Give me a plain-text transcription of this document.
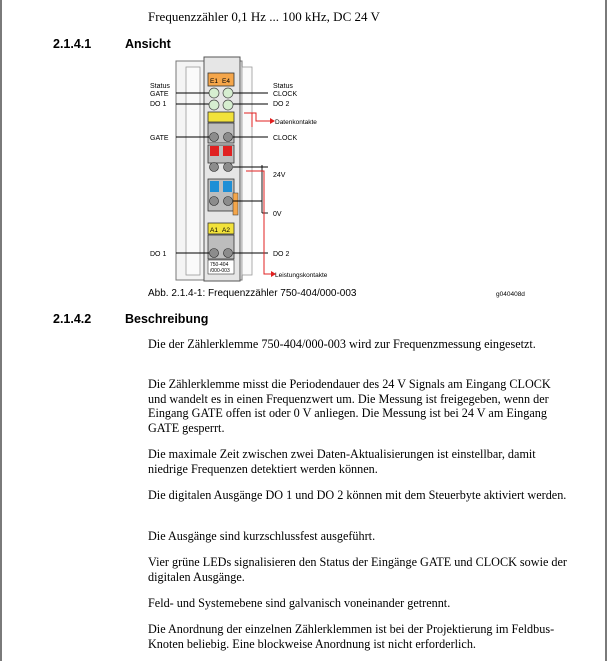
Frequenzzähler 0,1 Hz ... 100 kHz, DC 24 V
2.1.4.1	Ansicht
E1 E4
A1 A2
750-404
/000-003
Status
GATE
DO 1
GATE
DO 1
Status
CLOCK
DO 2
Datenkontakte
CLOCK
24V
0V
DO 2
Leistungskontakte
Abb. 2.1.4-1: Frequenzzähler 750-404/000-003	g040408d
2.1.4.2	Beschreibung
Die der Zählerklemme 750-404/000-003 wird zur Frequenzmessung eingesetzt.
Die Zählerklemme misst die Periodendauer des 24 V Signals am Eingang CLOCK und wandelt es in einen Frequenzwert um. Die Messung ist freigegeben, wenn der Eingang GATE offen ist oder 0 V anliegen. Die Messung ist bei 24 V am Eingang GATE gesperrt.
Die maximale Zeit zwischen zwei Daten-Aktualisierungen ist einstellbar, damit niedrige Frequenzen detektiert werden können.
Die digitalen Ausgänge DO 1 und DO 2 können mit dem Steuerbyte aktiviert werden.
Die Ausgänge sind kurzschlussfest ausgeführt.
Vier grüne LEDs signalisieren den Status der Eingänge GATE und CLOCK sowie der digitalen Ausgänge.
Feld- und Systemebene sind galvanisch voneinander getrennt.
Die Anordnung der einzelnen Zählerklemmen ist bei der Projektierung im Feldbus-Knoten beliebig. Eine blockweise Anordnung ist nicht erforderlich.
